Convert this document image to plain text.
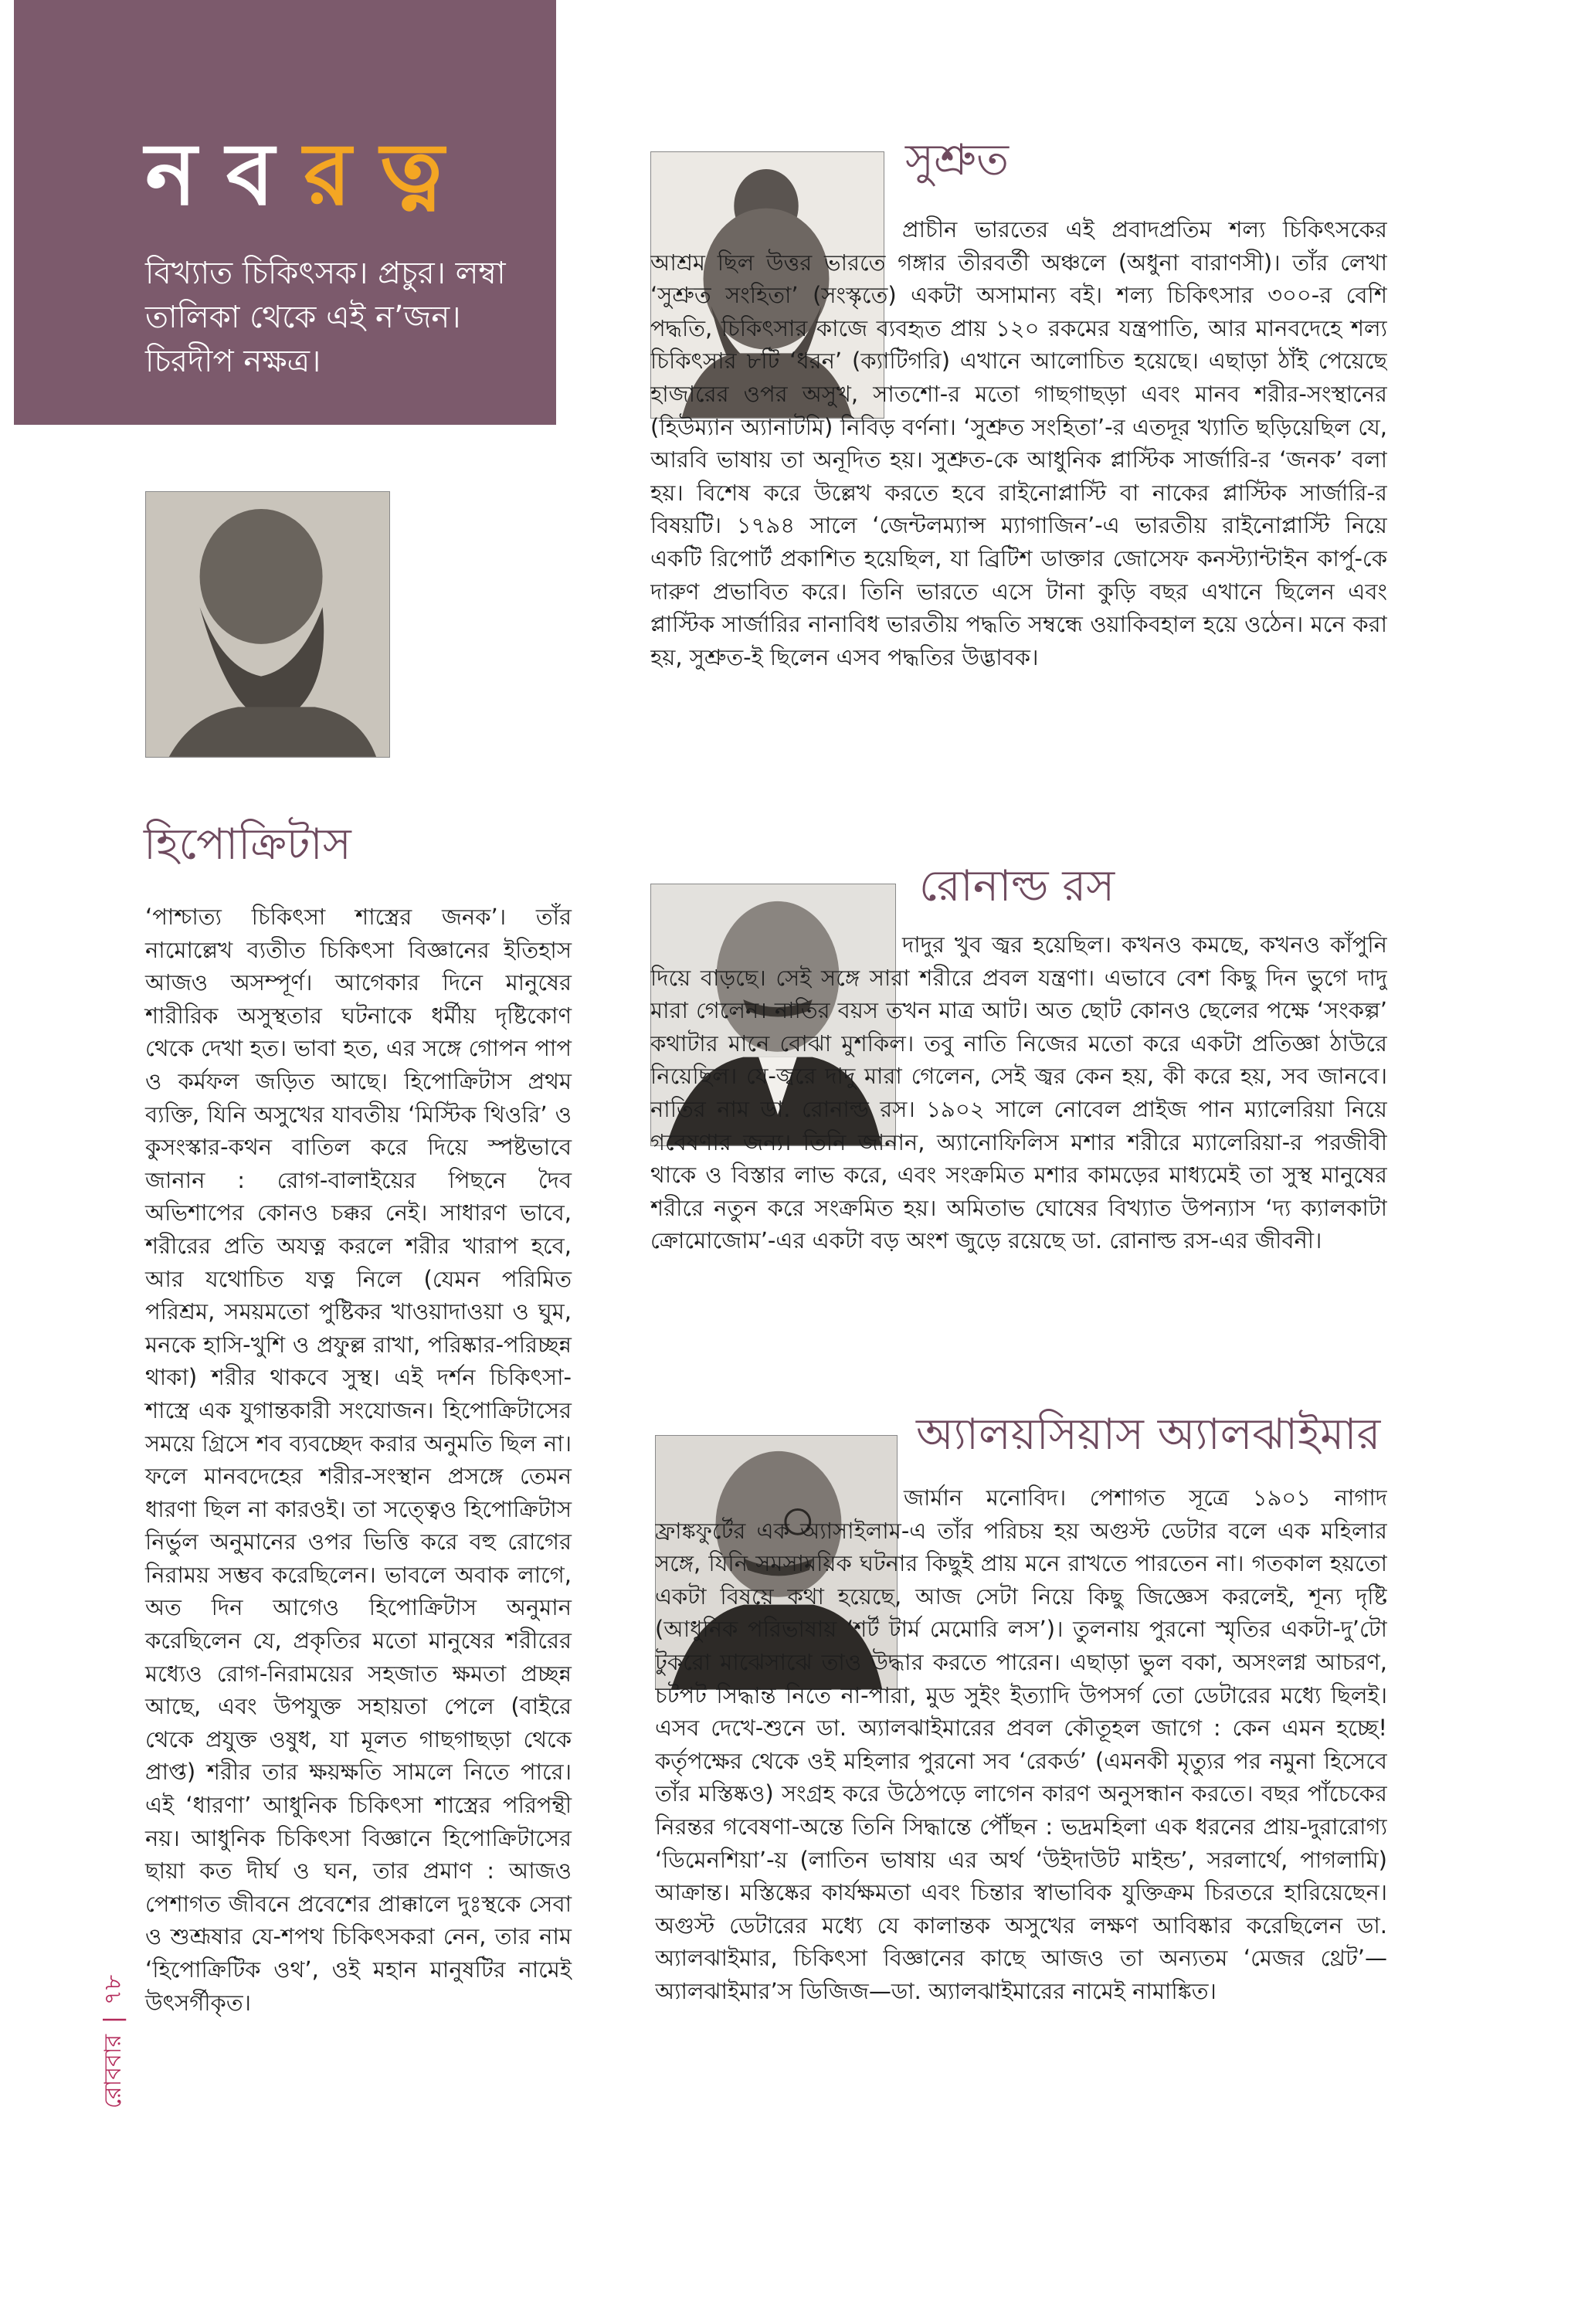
নবরত্ন
বিখ্যাত চিকিৎসক। প্রচুর। লম্বা তালিকা থেকে এই ন’জন। চিরদীপ নক্ষত্র।
সুশ্রুত

প্রাচীন ভারতের এই প্রবাদপ্রতিম শল্য চিকিৎসকের আশ্রম ছিল উত্তর ভারতে গঙ্গার তীরবর্তী অঞ্চলে (অধুনা বারাণসী)। তাঁর লেখা ‘সুশ্রুত সংহিতা’ (সংস্কৃতে) একটা অসামান্য বই। শল্য চিকিৎসার ৩০০-র বেশি পদ্ধতি, চিকিৎসার কাজে ব্যবহৃত প্রায় ১২০ রকমের যন্ত্রপাতি, আর মানবদেহে শল্য চিকিৎসার ৮টি ‘ধরন’ (ক্যাটিগরি) এখানে আলোচিত হয়েছে। এছাড়া ঠাঁই পেয়েছে হাজারের ওপর অসুখ, সাতশো-র মতো গাছগাছড়া এবং মানব শরীর-সংস্থানের (হিউম্যান অ্যানাটমি) নিবিড় বর্ণনা। ‘সুশ্রুত সংহিতা’-র এতদূর খ্যাতি ছড়িয়েছিল যে, আরবি ভাষায় তা অনূদিত হয়। সুশ্রুত-কে আধুনিক প্লাস্টিক সার্জারি-র ‘জনক’ বলা হয়। বিশেষ করে উল্লেখ করতে হবে রাইনোপ্লাস্টি বা নাকের প্লাস্টিক সার্জারি-র বিষয়টি। ১৭৯৪ সালে ‘জেন্টলম্যান্স ম্যাগাজিন’-এ ভারতীয় রাইনোপ্লাস্টি নিয়ে একটি রিপোর্ট প্রকাশিত হয়েছিল, যা ব্রিটিশ ডাক্তার জোসেফ কনস্ট্যান্টাইন কার্পু-কে দারুণ প্রভাবিত করে। তিনি ভারতে এসে টানা কুড়ি বছর এখানে ছিলেন এবং প্লাস্টিক সার্জারির নানাবিধ ভারতীয় পদ্ধতি সম্বন্ধে ওয়াকিবহাল হয়ে ওঠেন। মনে করা হয়, সুশ্রুত-ই ছিলেন এসব পদ্ধতির উদ্ভাবক।

হিপোক্রিটাস

‘পাশ্চাত্য চিকিৎসা শাস্ত্রের জনক’। তাঁর নামোল্লেখ ব্যতীত চিকিৎসা বিজ্ঞানের ইতিহাস আজও অসম্পূর্ণ। আগেকার দিনে মানুষের শারীরিক অসুস্থতার ঘটনাকে ধর্মীয় দৃষ্টিকোণ থেকে দেখা হত। ভাবা হত, এর সঙ্গে গোপন পাপ ও কর্মফল জড়িত আছে। হিপোক্রিটাস প্রথম ব্যক্তি, যিনি অসুখের যাবতীয় ‘মিস্টিক থিওরি’ ও কুসংস্কার-কথন বাতিল করে দিয়ে স্পষ্টভাবে জানান : রোগ-বালাইয়ের পিছনে দৈব অভিশাপের কোনও চক্কর নেই। সাধারণ ভাবে, শরীরের প্রতি অযত্ন করলে শরীর খারাপ হবে, আর যথোচিত যত্ন নিলে (যেমন পরিমিত পরিশ্রম, সময়মতো পুষ্টিকর খাওয়াদাওয়া ও ঘুম, মনকে হাসি-খুশি ও প্রফুল্ল রাখা, পরিষ্কার-পরিচ্ছন্ন থাকা) শরীর থাকবে সুস্থ। এই দর্শন চিকিৎসা-শাস্ত্রে এক যুগান্তকারী সংযোজন। হিপোক্রিটাসের সময়ে গ্রিসে শব ব্যবচ্ছেদ করার অনুমতি ছিল না। ফলে মানবদেহের শরীর-সংস্থান প্রসঙ্গে তেমন ধারণা ছিল না কারওই। তা সত্ত্বেও হিপোক্রিটাস নির্ভুল অনুমানের ওপর ভিত্তি করে বহু রোগের নিরাময় সম্ভব করেছিলেন। ভাবলে অবাক লাগে, অত দিন আগেও হিপোক্রিটাস অনুমান করেছিলেন যে, প্রকৃতির মতো মানুষের শরীরের মধ্যেও রোগ-নিরাময়ের সহজাত ক্ষমতা প্রচ্ছন্ন আছে, এবং উপযুক্ত সহায়তা পেলে (বাইরে থেকে প্রযুক্ত ওষুধ, যা মূলত গাছগাছড়া থেকে প্রাপ্ত) শরীর তার ক্ষয়ক্ষতি সামলে নিতে পারে। এই ‘ধারণা’ আধুনিক চিকিৎসা শাস্ত্রের পরিপন্থী নয়। আধুনিক চিকিৎসা বিজ্ঞানে হিপোক্রিটাসের ছায়া কত দীর্ঘ ও ঘন, তার প্রমাণ : আজও পেশাগত জীবনে প্রবেশের প্রাক্কালে দুঃস্থকে সেবা ও শুশ্রূষার যে-শপথ চিকিৎসকরা নেন, তার নাম ‘হিপোক্রিটিক ওথ’, ওই মহান মানুষটির নামেই উৎসর্গীকৃত।

রোনাল্ড রস

দাদুর খুব জ্বর হয়েছিল। কখনও কমছে, কখনও কাঁপুনি দিয়ে বাড়ছে। সেই সঙ্গে সারা শরীরে প্রবল যন্ত্রণা। এভাবে বেশ কিছু দিন ভুগে দাদু মারা গেলেন। নাতির বয়স তখন মাত্র আট। অত ছোট কোনও ছেলের পক্ষে ‘সংকল্প’ কথাটার মানে বোঝা মুশকিল। তবু নাতি নিজের মতো করে একটা প্রতিজ্ঞা ঠাউরে নিয়েছিল। যে-জ্বরে দাদু মারা গেলেন, সেই জ্বর কেন হয়, কী করে হয়, সব জানবে। নাতির নাম ডা. রোনাল্ড রস। ১৯০২ সালে নোবেল প্রাইজ পান ম্যালেরিয়া নিয়ে গবেষণার জন্য। তিনি জানান, অ্যানোফিলিস মশার শরীরে ম্যালেরিয়া-র পরজীবী থাকে ও বিস্তার লাভ করে, এবং সংক্রমিত মশার কামড়ের মাধ্যমেই তা সুস্থ মানুষের শরীরে নতুন করে সংক্রমিত হয়। অমিতাভ ঘোষের বিখ্যাত উপন্যাস ‘দ্য ক্যালকাটা ক্রোমোজোম’-এর একটা বড় অংশ জুড়ে রয়েছে ডা. রোনাল্ড রস-এর জীবনী।

অ্যালয়সিয়াস অ্যালঝাইমার

জার্মান মনোবিদ। পেশাগত সূত্রে ১৯০১ নাগাদ ফ্রাঙ্কফুর্টের এক অ্যাসাইলাম-এ তাঁর পরিচয় হয় অগুস্ট ডেটার বলে এক মহিলার সঙ্গে, যিনি সমসাময়িক ঘটনার কিছুই প্রায় মনে রাখতে পারতেন না। গতকাল হয়তো একটা বিষয়ে কথা হয়েছে, আজ সেটা নিয়ে কিছু জিজ্ঞেস করলেই, শূন্য দৃষ্টি (আধুনিক পরিভাষায় ‘শর্ট টার্ম মেমোরি লস’)। তুলনায় পুরনো স্মৃতির একটা-দু’টো টুকরো মাঝেসাঝে তাও উদ্ধার করতে পারেন। এছাড়া ভুল বকা, অসংলগ্ন আচরণ, চটপট সিদ্ধান্ত নিতে না-পারা, মুড সুইং ইত্যাদি উপসর্গ তো ডেটারের মধ্যে ছিলই। এসব দেখে-শুনে ডা. অ্যালঝাইমারের প্রবল কৌতূহল জাগে : কেন এমন হচ্ছে! কর্তৃপক্ষের থেকে ওই মহিলার পুরনো সব ‘রেকর্ড’ (এমনকী মৃত্যুর পর নমুনা হিসেবে তাঁর মস্তিষ্কও) সংগ্রহ করে উঠেপড়ে লাগেন কারণ অনুসন্ধান করতে। বছর পাঁচেকের নিরন্তর গবেষণা-অন্তে তিনি সিদ্ধান্তে পৌঁছন : ভদ্রমহিলা এক ধরনের প্রায়-দুরারোগ্য ‘ডিমেনশিয়া’-য় (লাতিন ভাষায় এর অর্থ ‘উইদাউট মাইন্ড’, সরলার্থে, পাগলামি) আক্রান্ত। মস্তিষ্কের কার্যক্ষমতা এবং চিন্তার স্বাভাবিক যুক্তিক্রম চিরতরে হারিয়েছেন। অগুস্ট ডেটারের মধ্যে যে কালান্তক অসুখের লক্ষণ আবিষ্কার করেছিলেন ডা. অ্যালঝাইমার, চিকিৎসা বিজ্ঞানের কাছে আজও তা অন্যতম ‘মেজর থ্রেট’—অ্যালঝাইমার’স ডিজিজ—ডা. অ্যালঝাইমারের নামেই নামাঙ্কিত।

রোববার|৭৮
